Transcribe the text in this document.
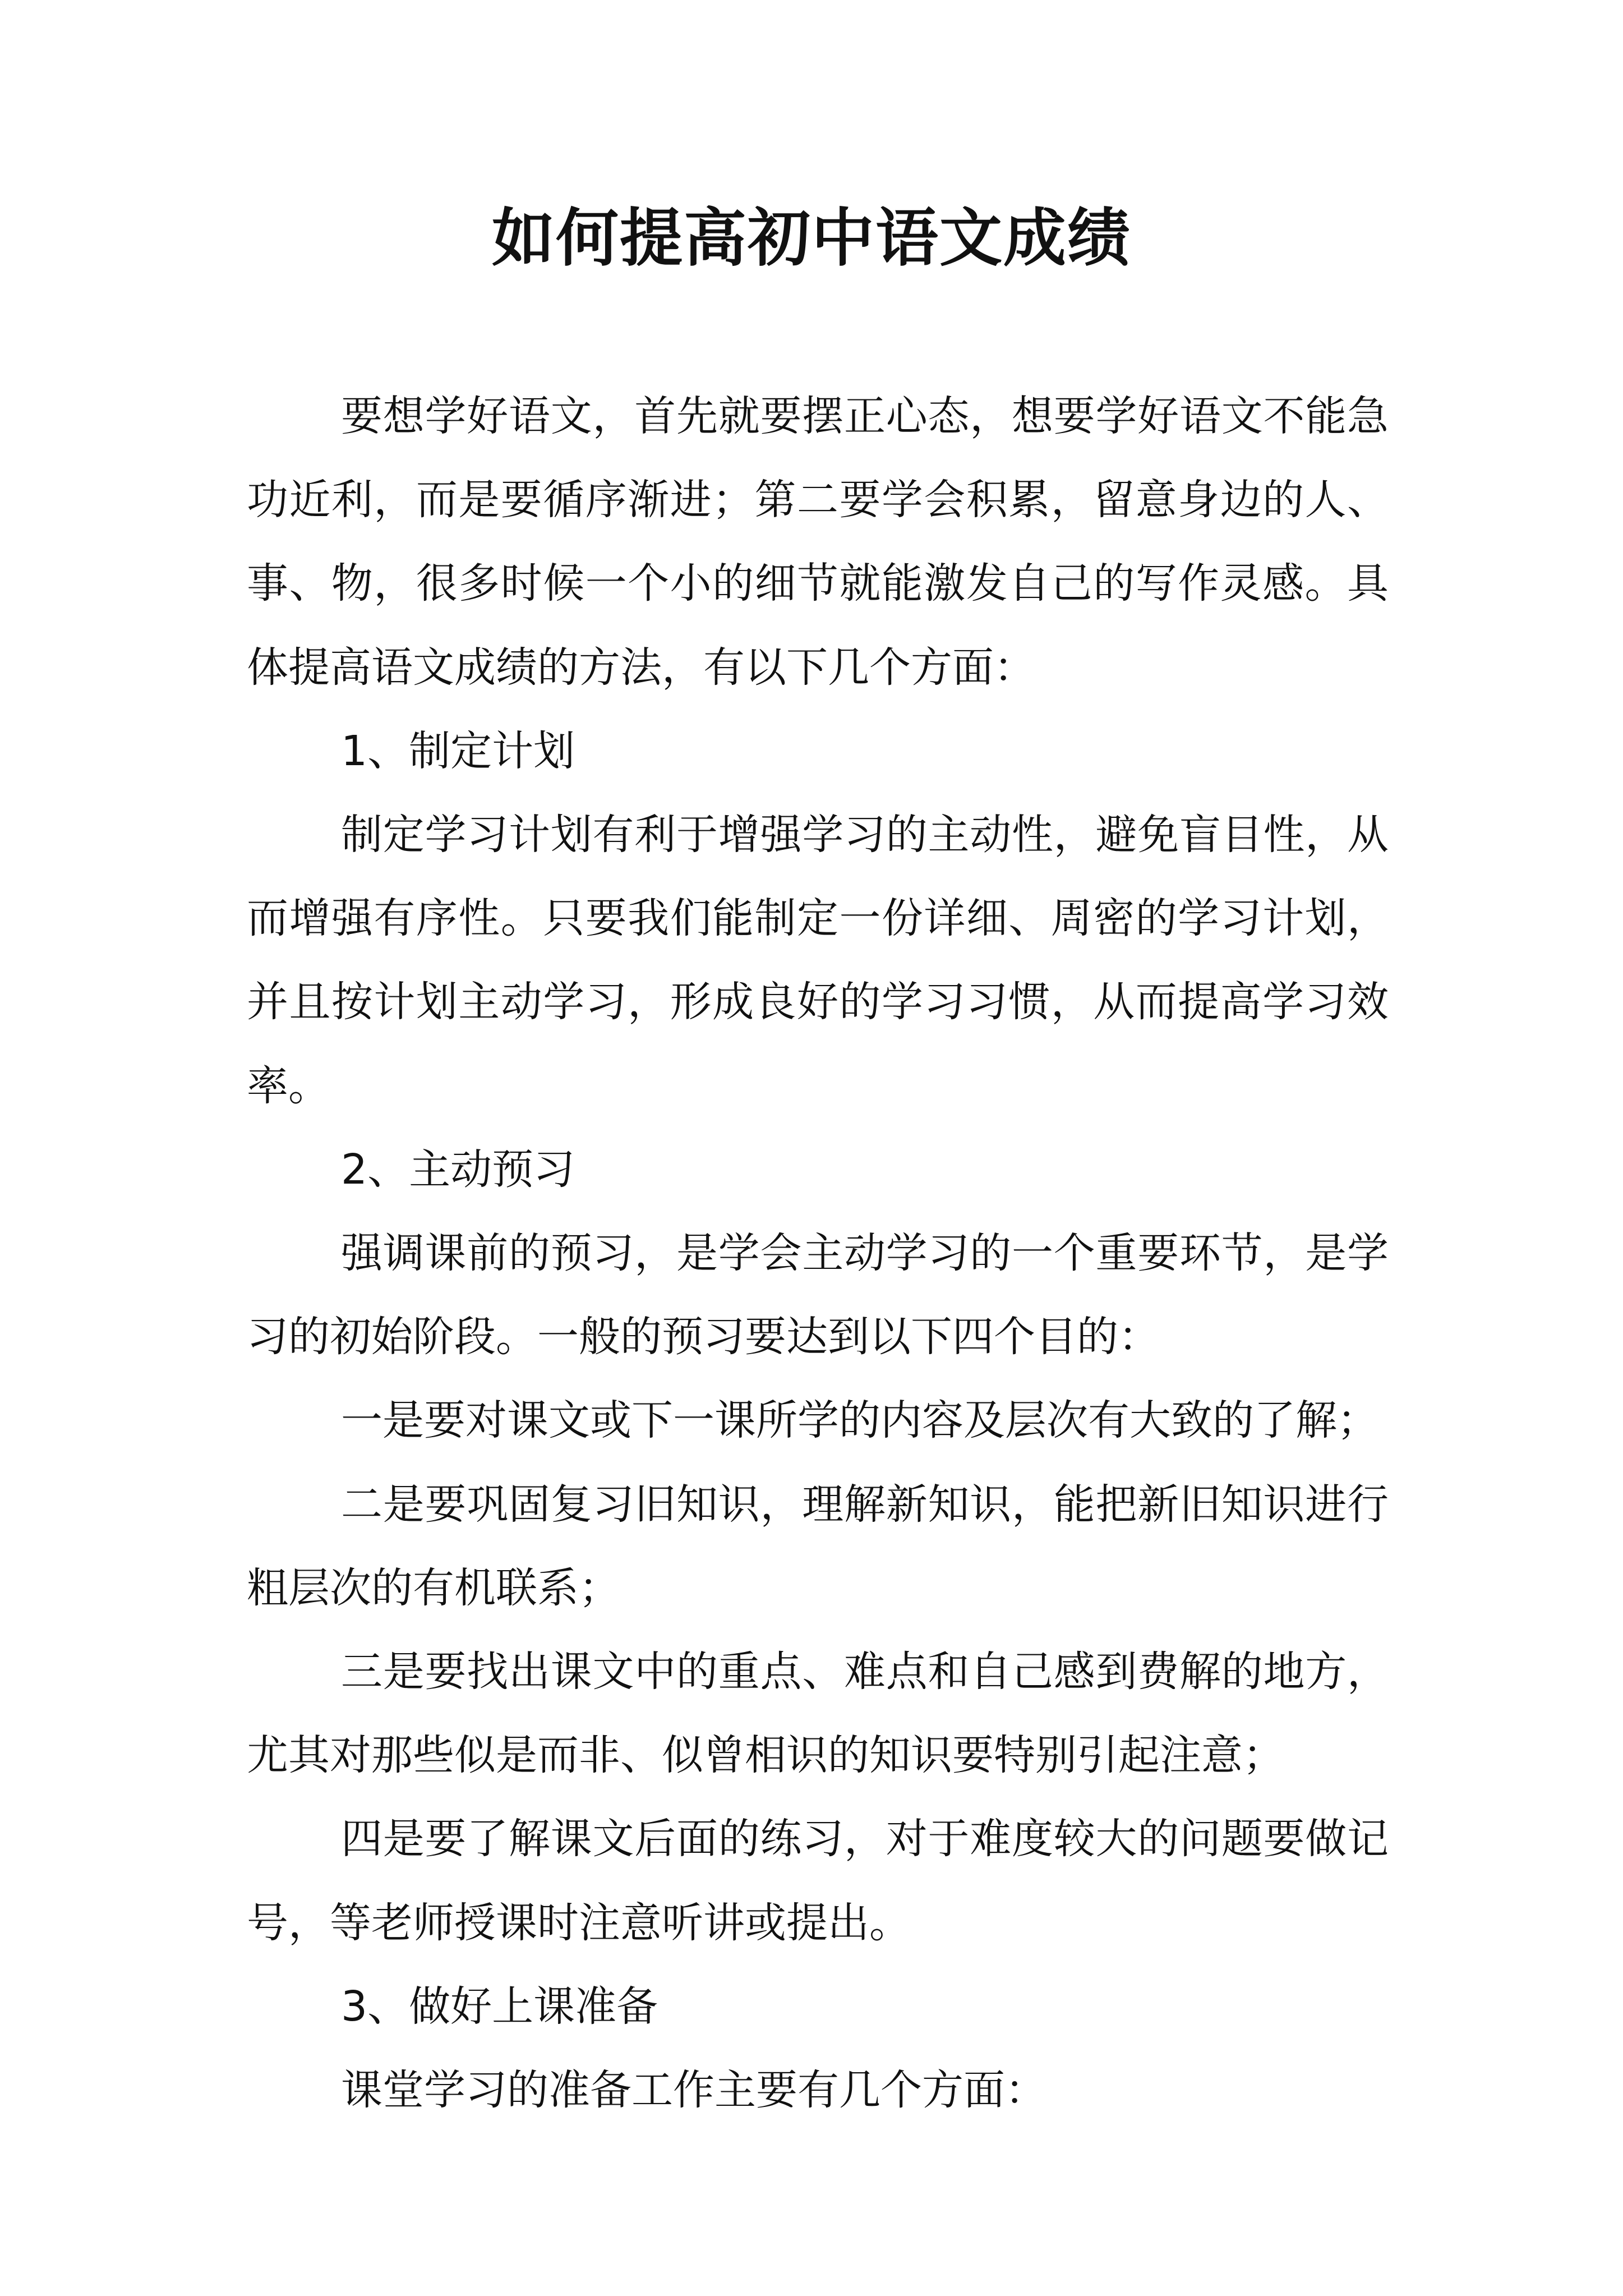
如何提高初中语文成绩

要想学好语文，首先就要摆正心态，想要学好语文不能急功近利，而是要循序渐进；第二要学会积累，留意身边的人、事、物，很多时候一个小的细节就能激发自己的写作灵感。具体提高语文成绩的方法，有以下几个方面：

1、制定计划

制定学习计划有利于增强学习的主动性，避免盲目性，从而增强有序性。只要我们能制定一份详细、周密的学习计划，并且按计划主动学习，形成良好的学习习惯，从而提高学习效率。

2、主动预习

强调课前的预习，是学会主动学习的一个重要环节，是学习的初始阶段。一般的预习要达到以下四个目的：

一是要对课文或下一课所学的内容及层次有大致的了解；

二是要巩固复习旧知识，理解新知识，能把新旧知识进行粗层次的有机联系；

三是要找出课文中的重点、难点和自己感到费解的地方，尤其对那些似是而非、似曾相识的知识要特别引起注意；

四是要了解课文后面的练习，对于难度较大的问题要做记号，等老师授课时注意听讲或提出。

3、做好上课准备

课堂学习的准备工作主要有几个方面：
